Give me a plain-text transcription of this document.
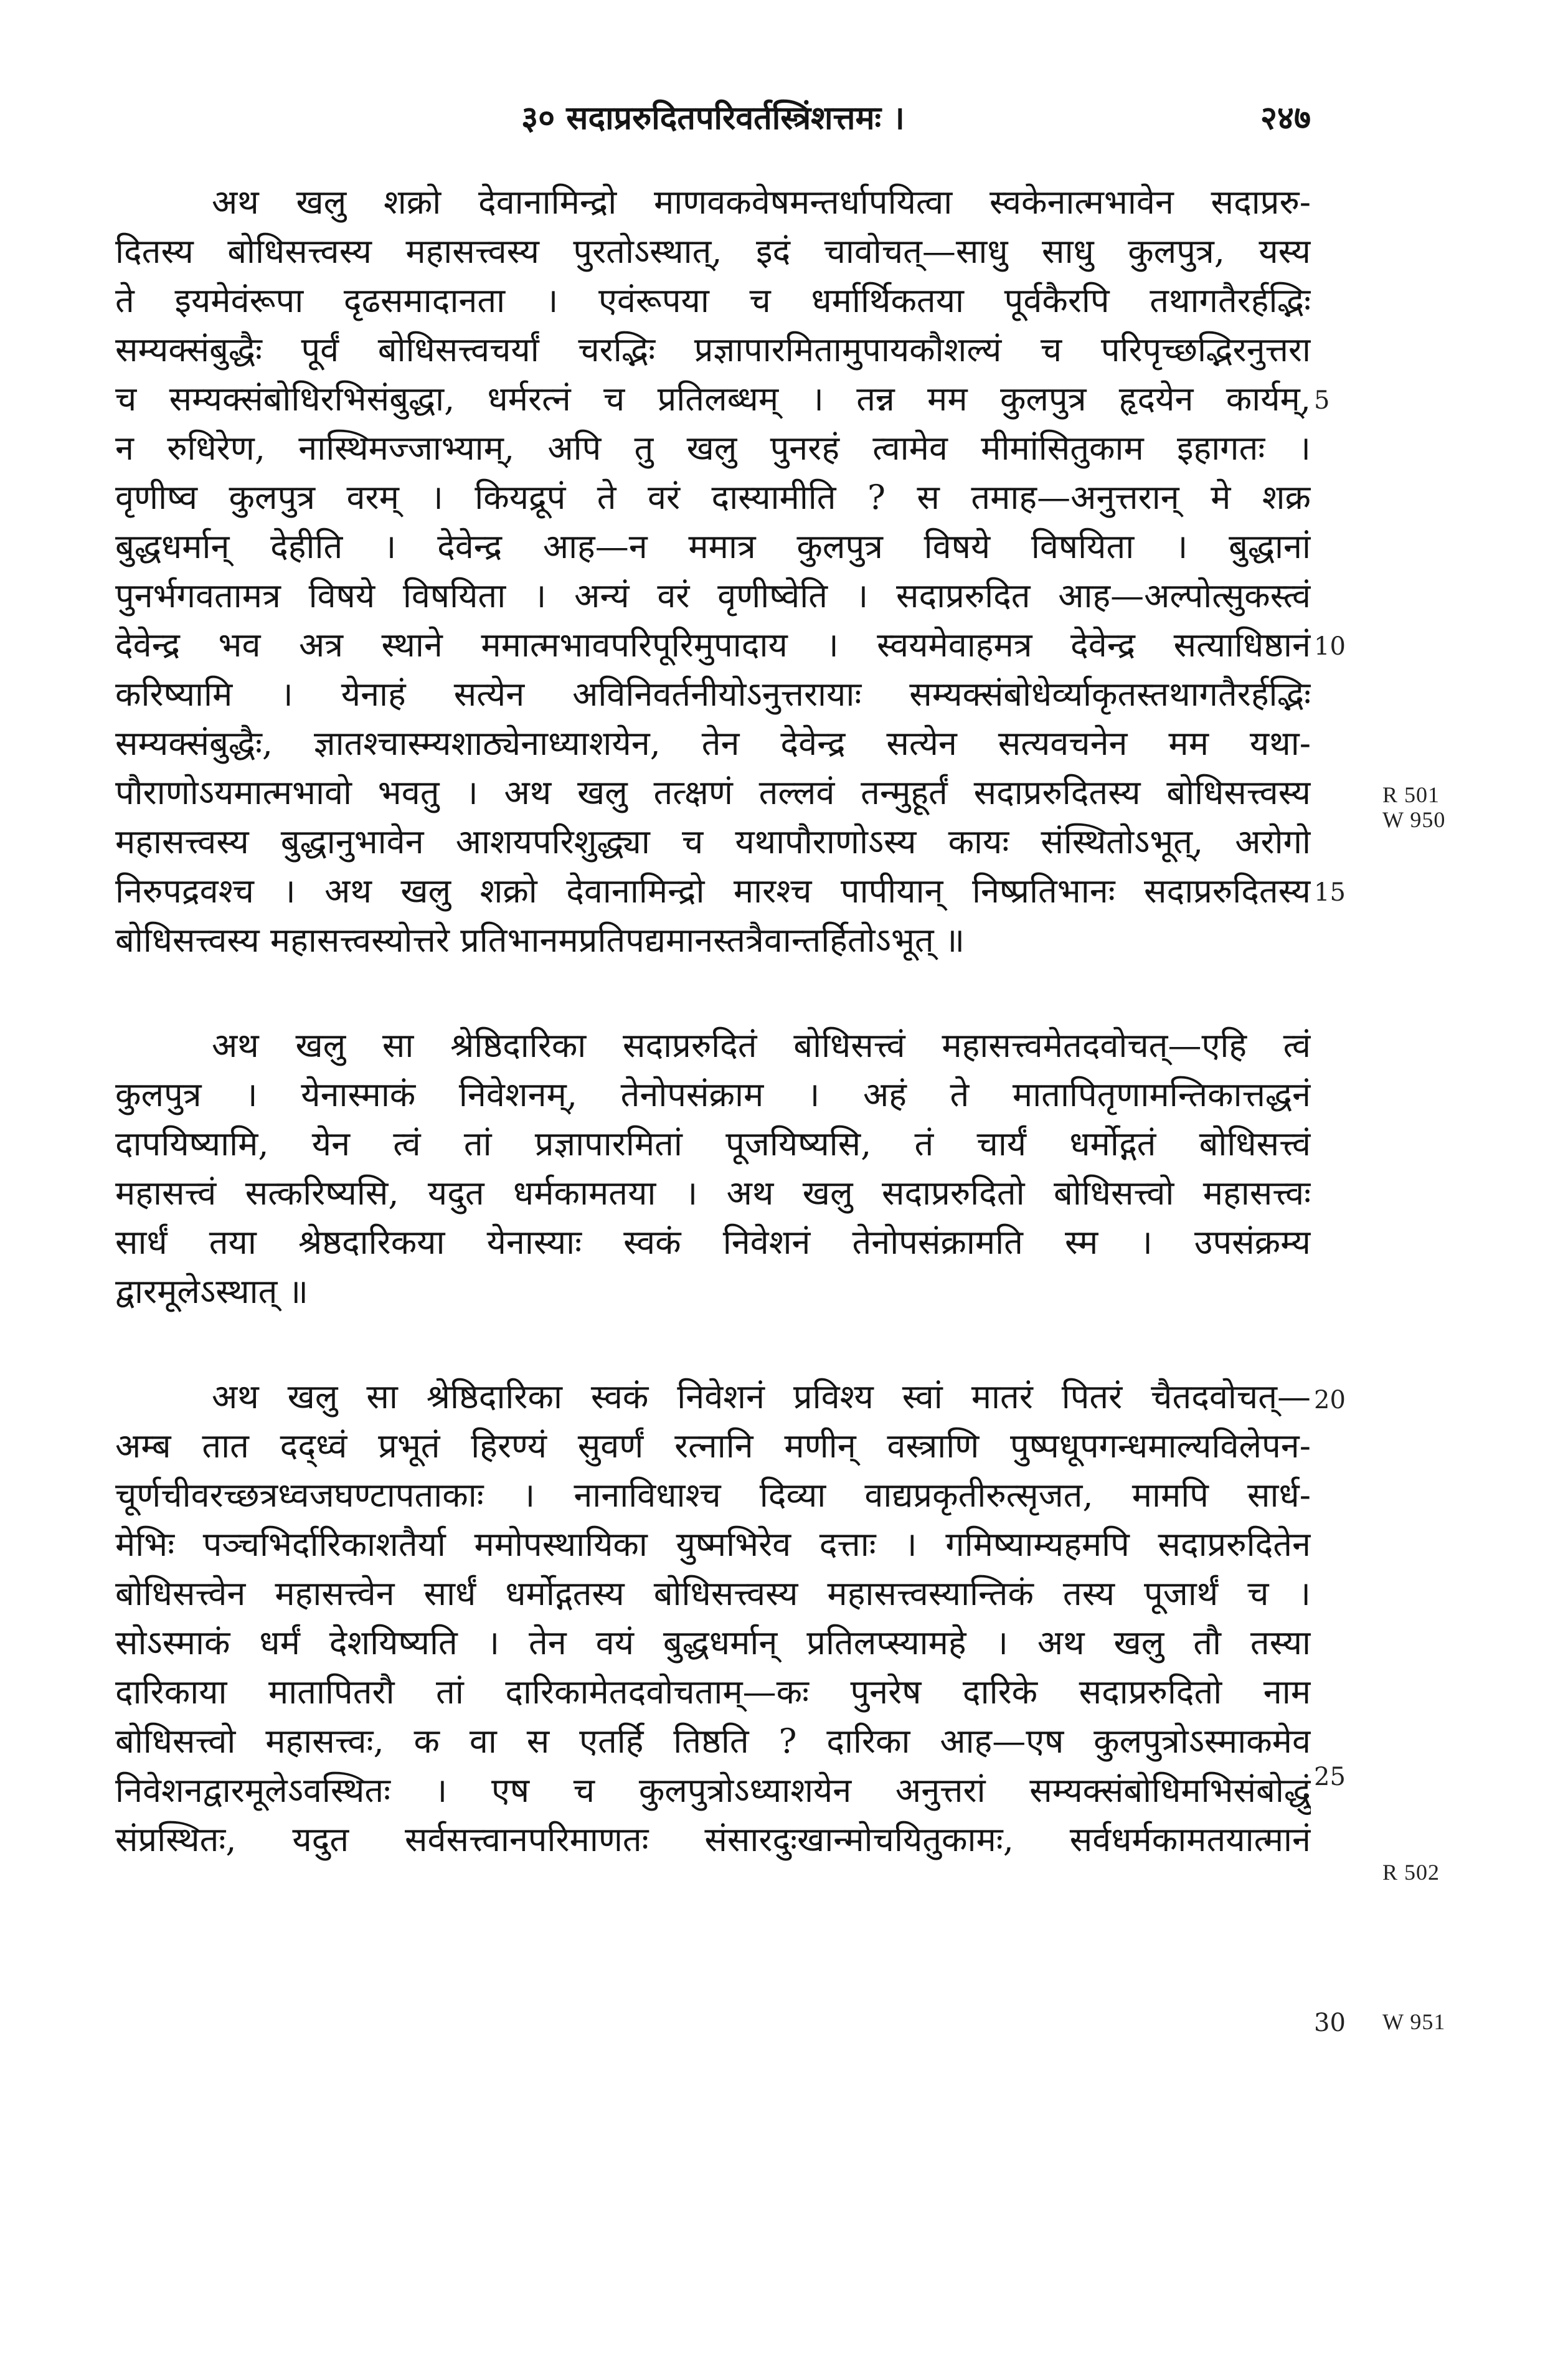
३० सदाप्ररुदितपरिवर्तस्त्रिंशत्तमः ।	२४७
अथ खलु शक्रो देवानामिन्द्रो माणवकवेषमन्तर्धापयित्वा स्वकेनात्मभावेन सदाप्ररु-
दितस्य बोधिसत्त्वस्य महासत्त्वस्य पुरतोऽस्थात्, इदं चावोचत्—साधु साधु कुलपुत्र, यस्य
ते इयमेवंरूपा दृढसमादानता । एवंरूपया च धर्मार्थिकतया पूर्वकैरपि तथागतैरर्हद्भिः
सम्यक्संबुद्धैः पूर्वं बोधिसत्त्वचर्यां चरद्भिः प्रज्ञापारमितामुपायकौशल्यं च परिपृच्छद्भिरनुत्तरा
च सम्यक्संबोधिरभिसंबुद्धा, धर्मरत्नं च प्रतिलब्धम् । तन्न मम कुलपुत्र हृदयेन कार्यम्,
न रुधिरेण, नास्थिमज्जाभ्याम्, अपि तु खलु पुनरहं त्वामेव मीमांसितुकाम इहागतः ।
वृणीष्व कुलपुत्र वरम् । कियद्रूपं ते वरं दास्यामीति ? स तमाह—अनुत्तरान् मे शक्र
बुद्धधर्मान् देहीति । देवेन्द्र आह—न ममात्र कुलपुत्र विषये विषयिता । बुद्धानां
पुनर्भगवतामत्र विषये विषयिता । अन्यं वरं वृणीष्वेति । सदाप्ररुदित आह—अल्पोत्सुकस्त्वं
देवेन्द्र भव अत्र स्थाने ममात्मभावपरिपूरिमुपादाय । स्वयमेवाहमत्र देवेन्द्र सत्याधिष्ठानं
करिष्यामि । येनाहं सत्येन अविनिवर्तनीयोऽनुत्तरायाः सम्यक्संबोधेर्व्याकृतस्तथागतैरर्हद्भिः
सम्यक्संबुद्धैः, ज्ञातश्चास्म्यशाठ्येनाध्याशयेन, तेन देवेन्द्र सत्येन सत्यवचनेन मम यथा-
पौराणोऽयमात्मभावो भवतु । अथ खलु तत्क्षणं तल्लवं तन्मुहूर्तं सदाप्ररुदितस्य बोधिसत्त्वस्य
महासत्त्वस्य बुद्धानुभावेन आशयपरिशुद्ध्या च यथापौराणोऽस्य कायः संस्थितोऽभूत्, अरोगो
निरुपद्रवश्च । अथ खलु शक्रो देवानामिन्द्रो मारश्च पापीयान् निष्प्रतिभानः सदाप्ररुदितस्य
बोधिसत्त्वस्य महासत्त्वस्योत्तरे प्रतिभानमप्रतिपद्यमानस्तत्रैवान्तर्हितोऽभूत् ॥
अथ खलु सा श्रेष्ठिदारिका सदाप्ररुदितं बोधिसत्त्वं महासत्त्वमेतदवोचत्—एहि त्वं
कुलपुत्र । येनास्माकं निवेशनम्, तेनोपसंक्राम । अहं ते मातापितृणामन्तिकात्तद्धनं
दापयिष्यामि, येन त्वं तां प्रज्ञापारमितां पूजयिष्यसि, तं चार्यं धर्मोद्गतं बोधिसत्त्वं
महासत्त्वं सत्करिष्यसि, यदुत धर्मकामतया । अथ खलु सदाप्ररुदितो बोधिसत्त्वो महासत्त्वः
सार्धं तया श्रेष्ठदारिकया येनास्याः स्वकं निवेशनं तेनोपसंक्रामति स्म । उपसंक्रम्य
द्वारमूलेऽस्थात् ॥
अथ खलु सा श्रेष्ठिदारिका स्वकं निवेशनं प्रविश्य स्वां मातरं पितरं चैतदवोचत्—
अम्ब तात दद्ध्वं प्रभूतं हिरण्यं सुवर्णं रत्नानि मणीन् वस्त्राणि पुष्पधूपगन्धमाल्यविलेपन-
चूर्णचीवरच्छत्रध्वजघण्टापताकाः । नानाविधाश्च दिव्या वाद्यप्रकृतीरुत्सृजत, मामपि सार्ध-
मेभिः पञ्चभिर्दारिकाशतैर्या ममोपस्थायिका युष्मभिरेव दत्ताः । गमिष्याम्यहमपि सदाप्ररुदितेन
बोधिसत्त्वेन महासत्त्वेन सार्धं धर्मोद्गतस्य बोधिसत्त्वस्य महासत्त्वस्यान्तिकं तस्य पूजार्थं च ।
सोऽस्माकं धर्मं देशयिष्यति । तेन वयं बुद्धधर्मान् प्रतिलप्स्यामहे । अथ खलु तौ तस्या
दारिकाया मातापितरौ तां दारिकामेतदवोचताम्—कः पुनरेष दारिके सदाप्ररुदितो नाम
बोधिसत्त्वो महासत्त्वः, क वा स एतर्हि तिष्ठति ? दारिका आह—एष कुलपुत्रोऽस्माकमेव
निवेशनद्वारमूलेऽवस्थितः । एष च कुलपुत्रोऽध्याशयेन अनुत्तरां सम्यक्संबोधिमभिसंबोद्धुं
संप्रस्थितः, यदुत सर्वसत्त्वानपरिमाणतः संसारदुःखान्मोचयितुकामः, सर्वधर्मकामतयात्मानं
5
10
15
20
25
30
R 501
W 950
R 502
W 951
